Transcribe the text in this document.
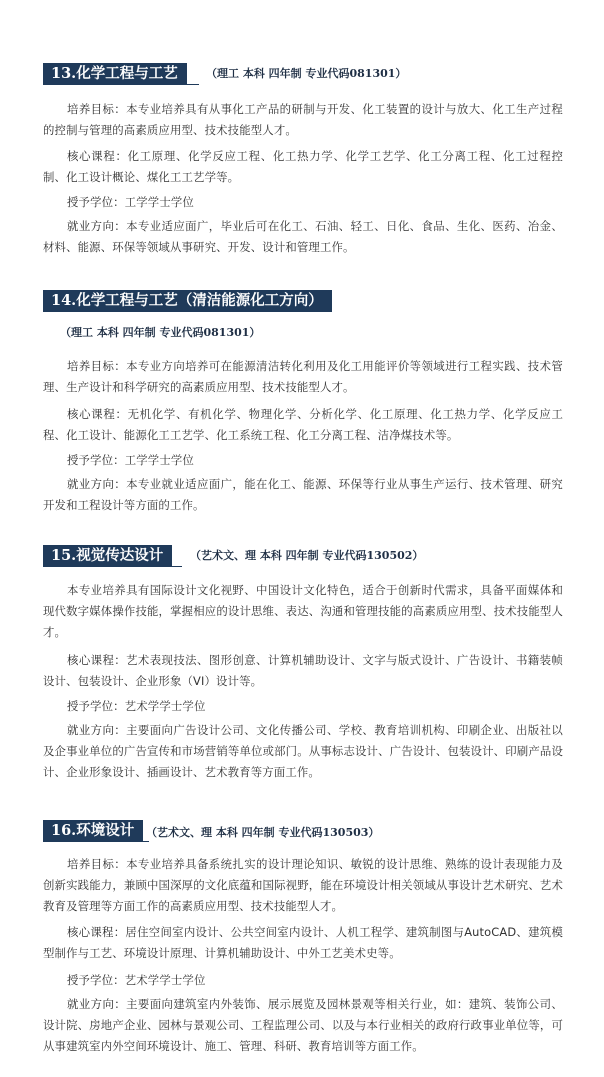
13.化学工程与工艺	（理工 本科 四年制 专业代码081301）
培养目标：本专业培养具有从事化工产品的研制与开发、化工装置的设计与放大、化工生产过程的控制与管理的高素质应用型、技术技能型人才。
核心课程：化工原理、化学反应工程、化工热力学、化学工艺学、化工分离工程、化工过程控制、化工设计概论、煤化工工艺学等。
授予学位：工学学士学位
就业方向：本专业适应面广，毕业后可在化工、石油、轻工、日化、食品、生化、医药、冶金、材料、能源、环保等领域从事研究、开发、设计和管理工作。
14.化学工程与工艺（清洁能源化工方向）
（理工 本科 四年制 专业代码081301）
培养目标：本专业方向培养可在能源清洁转化利用及化工用能评价等领域进行工程实践、技术管理、生产设计和科学研究的高素质应用型、技术技能型人才。
核心课程：无机化学、有机化学、物理化学、分析化学、化工原理、化工热力学、化学反应工程、化工设计、能源化工工艺学、化工系统工程、化工分离工程、洁净煤技术等。
授予学位：工学学士学位
就业方向：本专业就业适应面广，能在化工、能源、环保等行业从事生产运行、技术管理、研究开发和工程设计等方面的工作。
15.视觉传达设计	（艺术文、理 本科 四年制 专业代码130502）
本专业培养具有国际设计文化视野、中国设计文化特色，适合于创新时代需求，具备平面媒体和现代数字媒体操作技能，掌握相应的设计思维、表达、沟通和管理技能的高素质应用型、技术技能型人才。
核心课程：艺术表现技法、图形创意、计算机辅助设计、文字与版式设计、广告设计、书籍装帧设计、包装设计、企业形象（VI）设计等。
授予学位：艺术学学士学位
就业方向：主要面向广告设计公司、文化传播公司、学校、教育培训机构、印刷企业、出版社以及企事业单位的广告宣传和市场营销等单位或部门。从事标志设计、广告设计、包装设计、印刷产品设计、企业形象设计、插画设计、艺术教育等方面工作。
16.环境设计	（艺术文、理 本科 四年制 专业代码130503）
培养目标：本专业培养具备系统扎实的设计理论知识、敏锐的设计思维、熟练的设计表现能力及创新实践能力，兼顾中国深厚的文化底蕴和国际视野，能在环境设计相关领域从事设计艺术研究、艺术教育及管理等方面工作的高素质应用型、技术技能型人才。
核心课程：居住空间室内设计、公共空间室内设计、人机工程学、建筑制图与AutoCAD、建筑模型制作与工艺、环境设计原理、计算机辅助设计、中外工艺美术史等。
授予学位：艺术学学士学位
就业方向：主要面向建筑室内外装饰、展示展览及园林景观等相关行业，如：建筑、装饰公司、设计院、房地产企业、园林与景观公司、工程监理公司、以及与本行业相关的政府行政事业单位等，可从事建筑室内外空间环境设计、施工、管理、科研、教育培训等方面工作。
